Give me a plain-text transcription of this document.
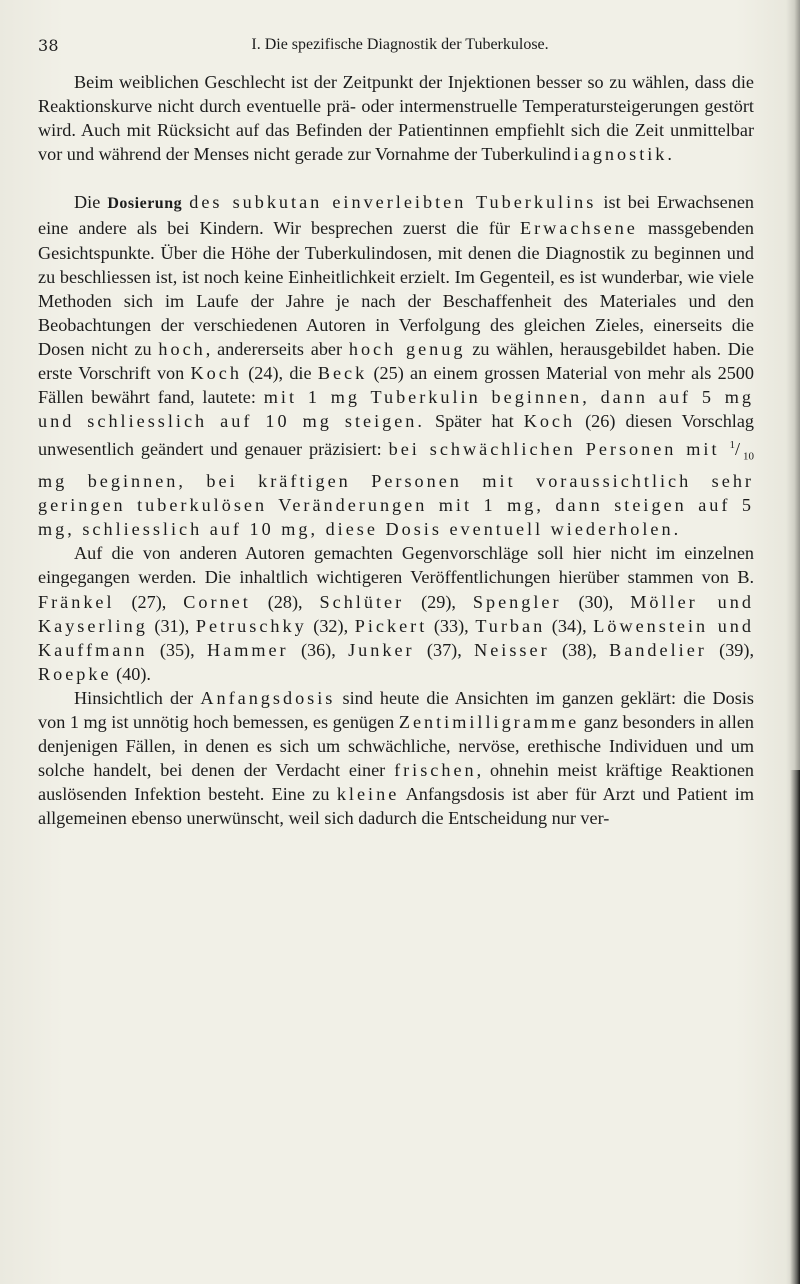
38	I. Die spezifische Diagnostik der Tuberkulose.

Beim weiblichen Geschlecht ist der Zeitpunkt der Injektionen besser so zu wählen, dass die Reaktionskurve nicht durch eventuelle prä- oder intermenstruelle Temperatursteigerungen gestört wird. Auch mit Rücksicht auf das Befinden der Patientinnen empfiehlt sich die Zeit unmittelbar vor und während der Menses nicht gerade zur Vornahme der Tuberkulindiagnostik.

Die Dosierung des subkutan einverleibten Tuberkulins ist bei Erwachsenen eine andere als bei Kindern. Wir besprechen zuerst die für Erwachsene massgebenden Gesichtspunkte. Über die Höhe der Tuberkulindosen, mit denen die Diagnostik zu beginnen und zu beschliessen ist, ist noch keine Einheitlichkeit erzielt. Im Gegenteil, es ist wunderbar, wie viele Methoden sich im Laufe der Jahre je nach der Beschaffenheit des Materiales und den Beobachtungen der verschiedenen Autoren in Verfolgung des gleichen Zieles, einerseits die Dosen nicht zu hoch, andererseits aber hoch genug zu wählen, herausgebildet haben. Die erste Vorschrift von Koch (24), die Beck (25) an einem grossen Material von mehr als 2500 Fällen bewährt fand, lautete: mit 1 mg Tuberkulin beginnen, dann auf 5 mg und schliesslich auf 10 mg steigen. Später hat Koch (26) diesen Vorschlag unwesentlich geändert und genauer präzisiert: bei schwächlichen Personen mit $^1/_{10}$ mg beginnen, bei kräftigen Personen mit voraussichtlich sehr geringen tuberkulösen Veränderungen mit 1 mg, dann steigen auf 5 mg, schliesslich auf 10 mg, diese Dosis eventuell wiederholen.

Auf die von anderen Autoren gemachten Gegenvorschläge soll hier nicht im einzelnen eingegangen werden. Die inhaltlich wichtigeren Veröffentlichungen hierüber stammen von B. Fränkel (27), Cornet (28), Schlüter (29), Spengler (30), Möller und Kayserling (31), Petruschky (32), Pickert (33), Turban (34), Löwenstein und Kauffmann (35), Hammer (36), Junker (37), Neisser (38), Bandelier (39), Roepke (40).

Hinsichtlich der Anfangsdosis sind heute die Ansichten im ganzen geklärt: die Dosis von 1 mg ist unnötig hoch bemessen, es genügen Zentimilligramme ganz besonders in allen denjenigen Fällen, in denen es sich um schwächliche, nervöse, erethische Individuen und um solche handelt, bei denen der Verdacht einer frischen, ohnehin meist kräftige Reaktionen auslösenden Infektion besteht. Eine zu kleine Anfangsdosis ist aber für Arzt und Patient im allgemeinen ebenso unerwünscht, weil sich dadurch die Entscheidung nur ver-
